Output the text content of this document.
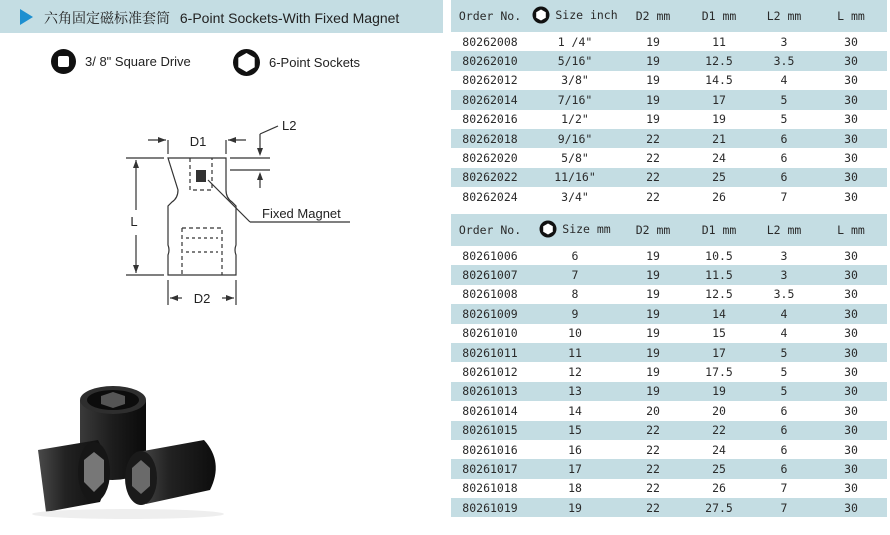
六角固定磁标准套筒 6-Point Sockets-With Fixed Magnet
3/ 8" Square Drive	6-Point Sockets
D1
L2
L
D2
Fixed Magnet
Order No.	Size inch	D2 mm	D1 mm	L2 mm	L mm
80262008	1 /4"	19	11	3	30
80262010	5/16"	19	12.5	3.5	30
80262012	3/8"	19	14.5	4	30
80262014	7/16"	19	17	5	30
80262016	1/2"	19	19	5	30
80262018	9/16"	22	21	6	30
80262020	5/8"	22	24	6	30
80262022	11/16"	22	25	6	30
80262024	3/4"	22	26	7	30
Order No.	Size mm	D2 mm	D1 mm	L2 mm	L mm
80261006	6	19	10.5	3	30
80261007	7	19	11.5	3	30
80261008	8	19	12.5	3.5	30
80261009	9	19	14	4	30
80261010	10	19	15	4	30
80261011	11	19	17	5	30
80261012	12	19	17.5	5	30
80261013	13	19	19	5	30
80261014	14	20	20	6	30
80261015	15	22	22	6	30
80261016	16	22	24	6	30
80261017	17	22	25	6	30
80261018	18	22	26	7	30
80261019	19	22	27.5	7	30
